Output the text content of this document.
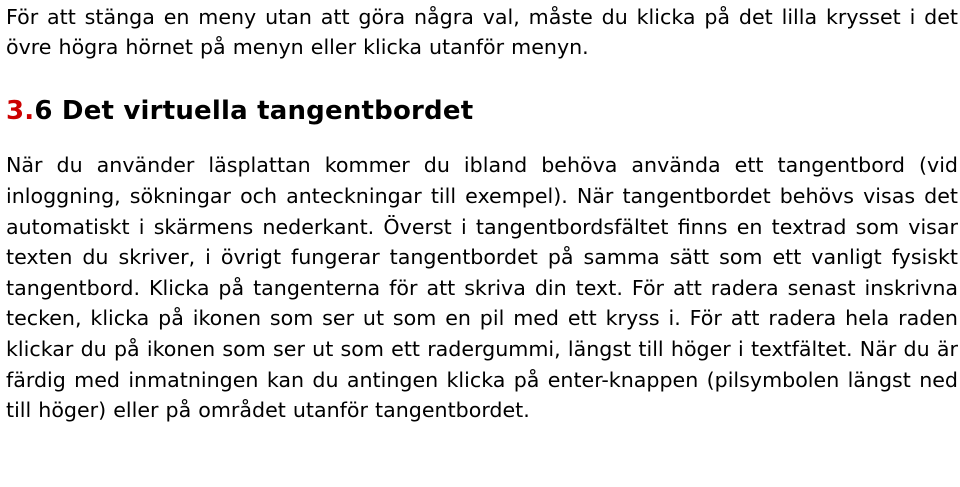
För att stänga en meny utan att göra några val, måste du klicka på det lilla krysset i det övre högra hörnet på menyn eller klicka utanför menyn.

3.6 Det virtuella tangentbordet

När du använder läsplattan kommer du ibland behöva använda ett tangentbord (vid inloggning, sökningar och anteckningar till exempel). När tangentbordet behövs visas det automatiskt i skärmens nederkant. Överst i tangentbordsfältet finns en textrad som visar texten du skriver, i övrigt fungerar tangentbordet på samma sätt som ett vanligt fysiskt tangentbord. Klicka på tangenterna för att skriva din text. För att radera senast inskrivna tecken, klicka på ikonen som ser ut som en pil med ett kryss i. För att radera hela raden klickar du på ikonen som ser ut som ett radergummi, längst till höger i textfältet. När du är färdig med inmatningen kan du antingen klicka på enter-knappen (pilsymbolen längst ned till höger) eller på området utanför tangentbordet.
